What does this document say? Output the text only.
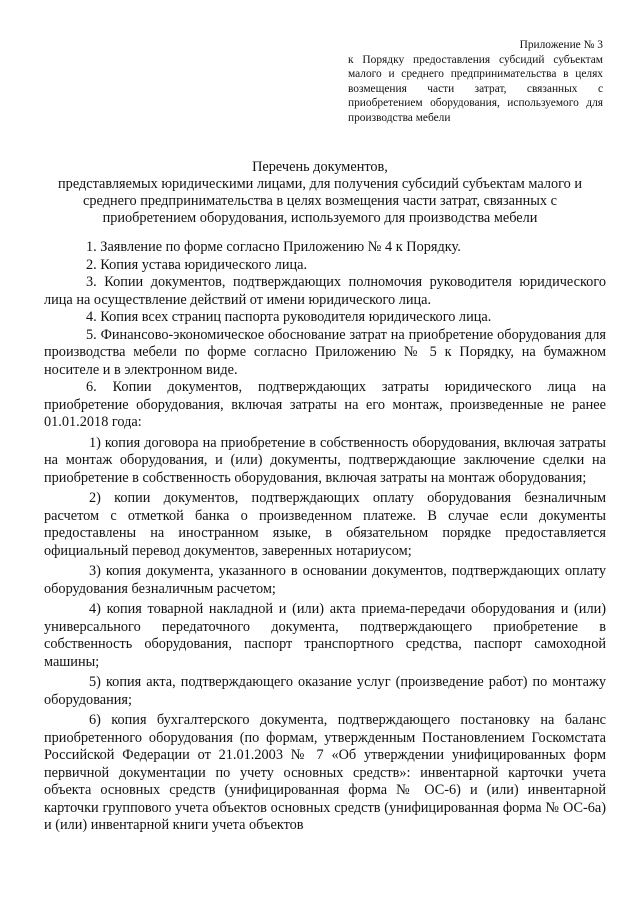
Приложение № 3
к Порядку предоставления субсидий субъектам малого и среднего предпринимательства в целях возмещения части затрат, связанных с приобретением оборудования, используемого для производства мебели
Перечень документов,
представляемых юридическими лицами, для получения субсидий субъектам малого и среднего предпринимательства в целях возмещения части затрат, связанных с приобретением оборудования, используемого для производства мебели

1. Заявление по форме согласно Приложению № 4 к Порядку.

2. Копия устава юридического лица.

3. Копии документов, подтверждающих полномочия руководителя юридического лица на осуществление действий от имени юридического лица.

4. Копия всех страниц паспорта руководителя юридического лица.

5. Финансово-экономическое обоснование затрат на приобретение оборудования для производства мебели по форме согласно Приложению № 5 к Порядку, на бумажном носителе и в электронном виде.

6. Копии документов, подтверждающих затраты юридического лица на приобретение оборудования, включая затраты на его монтаж, произведенные не ранее 01.01.2018 года:

1) копия договора на приобретение в собственность оборудования, включая затраты на монтаж оборудования, и (или) документы, подтверждающие заключение сделки на приобретение в собственность оборудования, включая затраты на монтаж оборудования;

2) копии документов, подтверждающих оплату оборудования безналичным расчетом с отметкой банка о произведенном платеже. В случае если документы предоставлены на иностранном языке, в обязательном порядке предоставляется официальный перевод документов, заверенных нотариусом;

3) копия документа, указанного в основании документов, подтверждающих оплату оборудования безналичным расчетом;

4) копия товарной накладной и (или) акта приема-передачи оборудования и (или) универсального передаточного документа, подтверждающего приобретение в собственность оборудования, паспорт транспортного средства, паспорт самоходной машины;

5) копия акта, подтверждающего оказание услуг (произведение работ) по монтажу оборудования;

6) копия бухгалтерского документа, подтверждающего постановку на баланс приобретенного оборудования (по формам, утвержденным Постановлением Госкомстата Российской Федерации от 21.01.2003 № 7 «Об утверждении унифицированных форм первичной документации по учету основных средств»: инвентарной карточки учета объекта основных средств (унифицированная форма № ОС-6) и (или) инвентарной карточки группового учета объектов основных средств (унифицированная форма № ОС-6а) и (или) инвентарной книги учета объектов
